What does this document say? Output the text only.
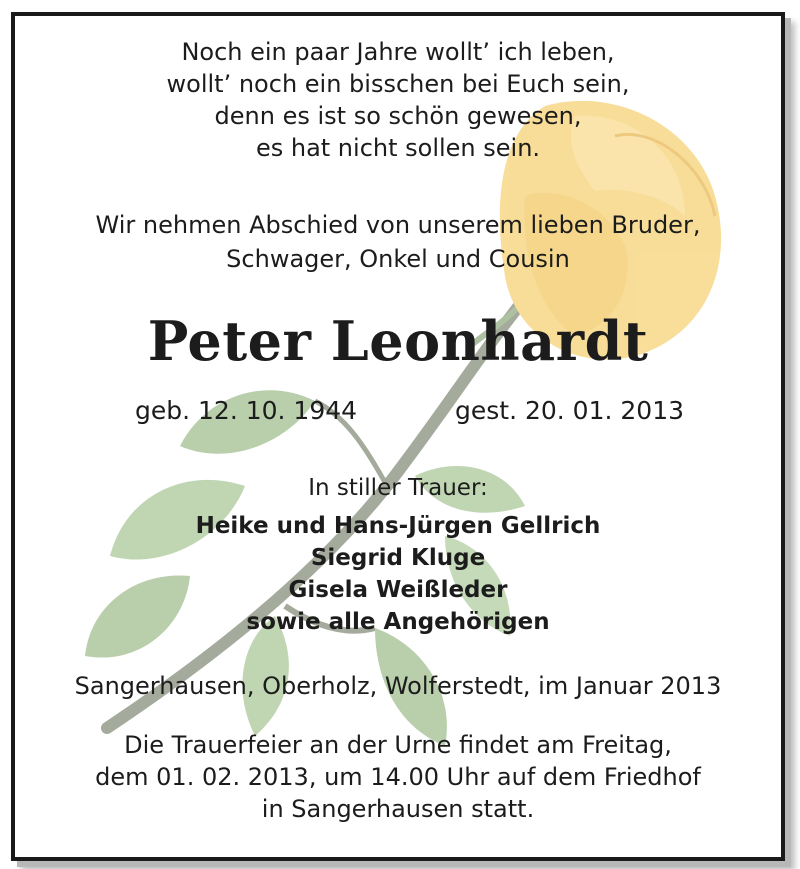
Noch ein paar Jahre wollt’ ich leben,
wollt’ noch ein bisschen bei Euch sein,
denn es ist so schön gewesen,
es hat nicht sollen sein.
Wir nehmen Abschied von unserem lieben Bruder,
Schwager, Onkel und Cousin
Peter Leonhardt
geb. 12. 10. 1944	gest. 20. 01. 2013
In stiller Trauer:
Heike und Hans-Jürgen Gellrich
Siegrid Kluge
Gisela Weißleder
sowie alle Angehörigen
Sangerhausen, Oberholz, Wolferstedt, im Januar 2013
Die Trauerfeier an der Urne findet am Freitag,
dem 01. 02. 2013, um 14.00 Uhr auf dem Friedhof
in Sangerhausen statt.
